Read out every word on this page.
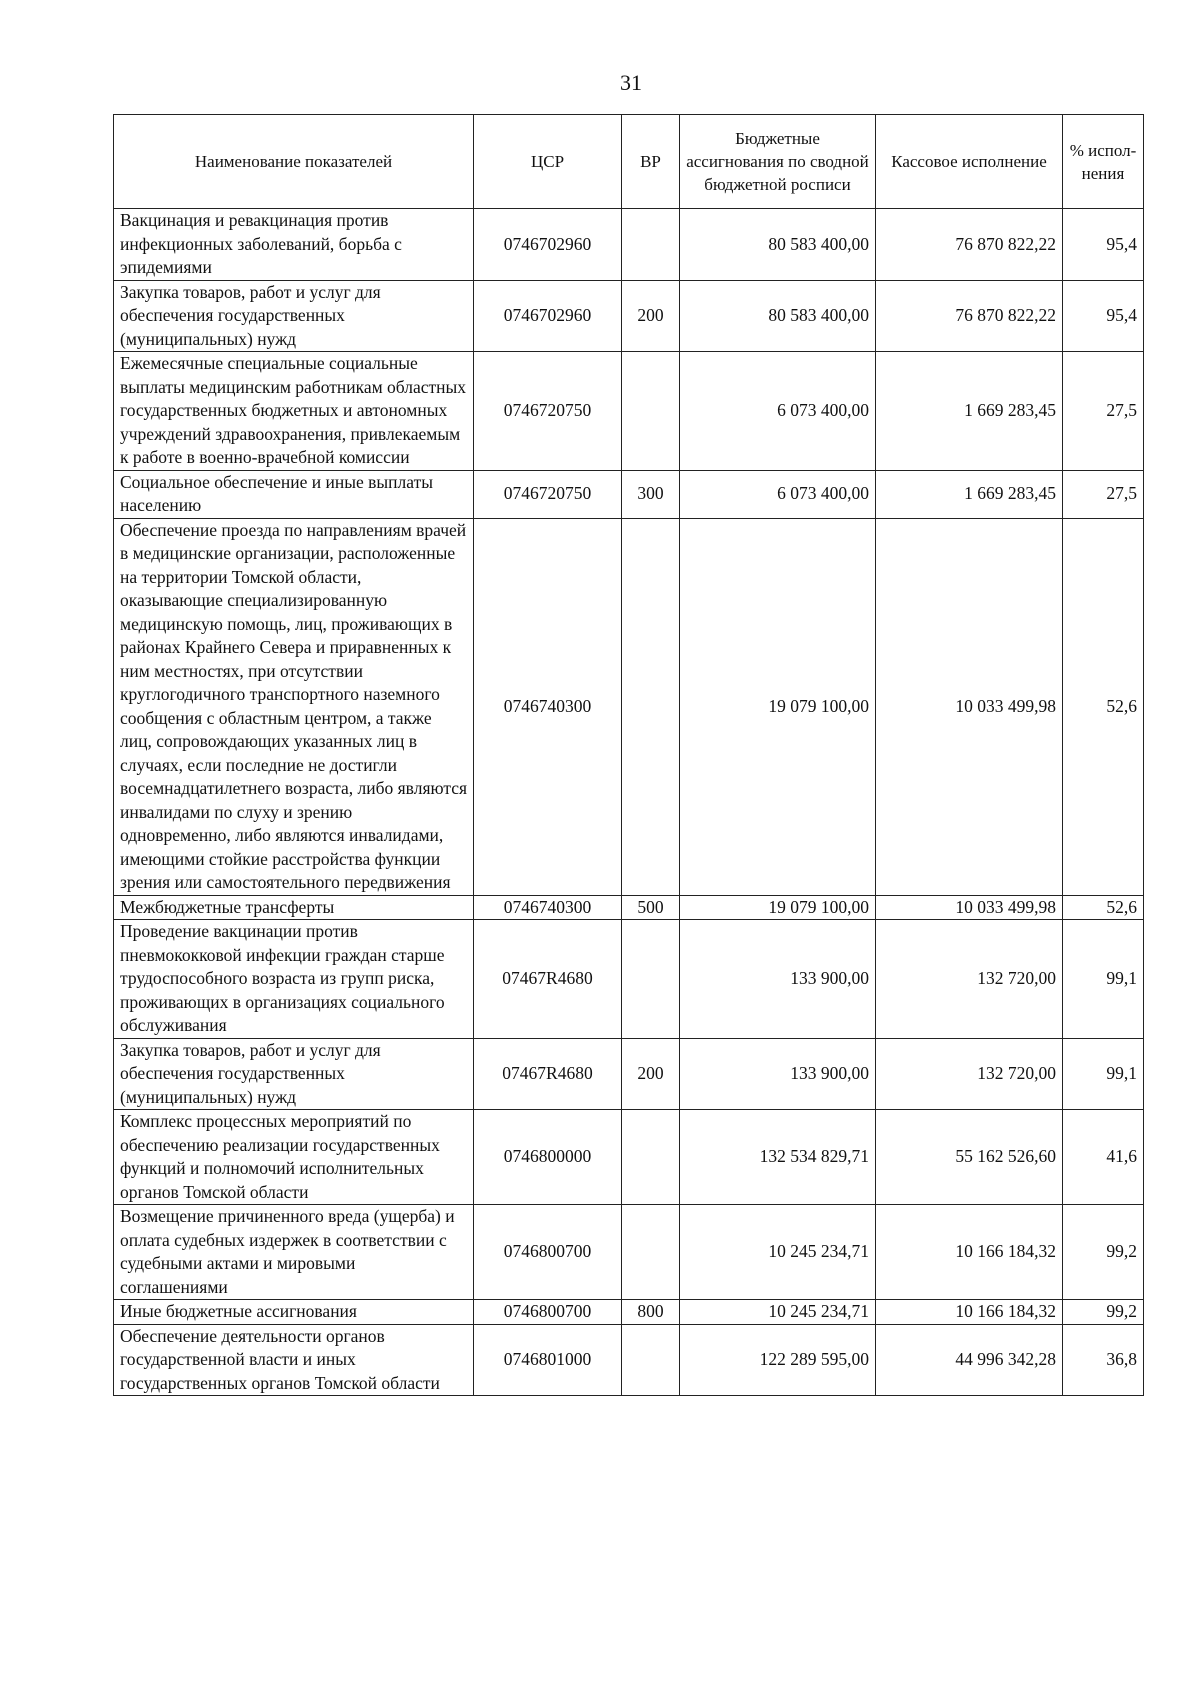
31
Наименование показателей	ЦСР	ВР	Бюджетные ассигнования по сводной бюджетной росписи	Кассовое исполнение	% испол-нения
Вакцинация и ревакцинация против инфекционных заболеваний, борьба с эпидемиями	0746702960		80 583 400,00	76 870 822,22	95,4
Закупка товаров, работ и услуг для обеспечения государственных (муниципальных) нужд	0746702960	200	80 583 400,00	76 870 822,22	95,4
Ежемесячные специальные социальные выплаты медицинским работникам областных государственных бюджетных и автономных учреждений здравоохранения, привлекаемым к работе в военно-врачебной комиссии	0746720750		6 073 400,00	1 669 283,45	27,5
Социальное обеспечение и иные выплаты населению	0746720750	300	6 073 400,00	1 669 283,45	27,5
Обеспечение проезда по направлениям врачей в медицинские организации, расположенные на территории Томской области, оказывающие специализированную медицинскую помощь, лиц, проживающих в районах Крайнего Севера и приравненных к ним местностях, при отсутствии круглогодичного транспортного наземного сообщения с областным центром, а также лиц, сопровождающих указанных лиц в случаях, если последние не достигли восемнадцатилетнего возраста, либо являются инвалидами по слуху и зрению одновременно, либо являются инвалидами, имеющими стойкие расстройства функции зрения или самостоятельного передвижения	0746740300		19 079 100,00	10 033 499,98	52,6
Межбюджетные трансферты	0746740300	500	19 079 100,00	10 033 499,98	52,6
Проведение вакцинации против пневмококковой инфекции граждан старше трудоспособного возраста из групп риска, проживающих в организациях социального обслуживания	07467R4680		133 900,00	132 720,00	99,1
Закупка товаров, работ и услуг для обеспечения государственных (муниципальных) нужд	07467R4680	200	133 900,00	132 720,00	99,1
Комплекс процессных мероприятий по обеспечению реализации государственных функций и полномочий исполнительных органов Томской области	0746800000		132 534 829,71	55 162 526,60	41,6
Возмещение причиненного вреда (ущерба) и оплата судебных издержек в соответствии с судебными актами и мировыми соглашениями	0746800700		10 245 234,71	10 166 184,32	99,2
Иные бюджетные ассигнования	0746800700	800	10 245 234,71	10 166 184,32	99,2
Обеспечение деятельности органов государственной власти и иных государственных органов Томской области	0746801000		122 289 595,00	44 996 342,28	36,8
